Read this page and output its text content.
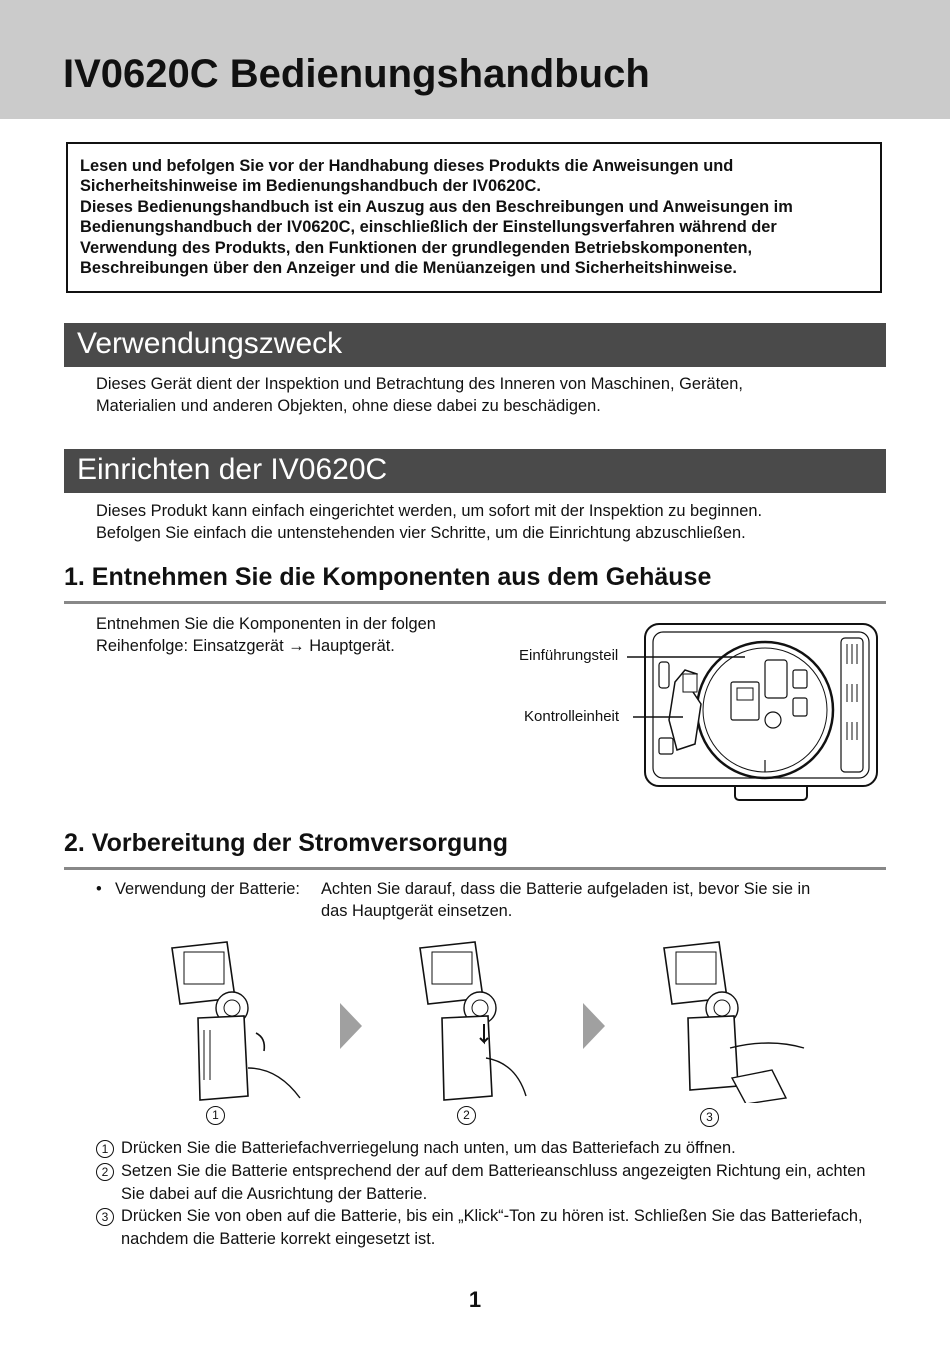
IV0620C Bedienungshandbuch
Lesen und befolgen Sie vor der Handhabung dieses Produkts die Anweisungen und
Sicherheitshinweise im Bedienungshandbuch der IV0620C.
Dieses Bedienungshandbuch ist ein Auszug aus den Beschreibungen und Anweisungen im
Bedienungshandbuch der IV0620C, einschließlich der Einstellungsverfahren während der
Verwendung des Produkts, den Funktionen der grundlegenden Betriebskomponenten,
Beschreibungen über den Anzeiger und die Menüanzeigen und Sicherheitshinweise.
Verwendungszweck
Dieses Gerät dient der Inspektion und Betrachtung des Inneren von Maschinen, Geräten,
Materialien und anderen Objekten, ohne diese dabei zu beschädigen.
Einrichten der IV0620C
Dieses Produkt kann einfach eingerichtet werden, um sofort mit der Inspektion zu beginnen.
Befolgen Sie einfach die untenstehenden vier Schritte, um die Einrichtung abzuschließen.
1. Entnehmen Sie die Komponenten aus dem Gehäuse
Entnehmen Sie die Komponenten in der folgen
Reihenfolge: Einsatzgerät → Hauptgerät.
Einführungsteil
Kontrolleinheit
2. Vorbereitung der Stromversorgung
• Verwendung der Batterie: Achten Sie darauf, dass die Batterie aufgeladen ist, bevor Sie sie in
das Hauptgerät einsetzen.
1	2	3
1 Drücken Sie die Batteriefachverriegelung nach unten, um das Batteriefach zu öffnen.
2 Setzen Sie die Batterie entsprechend der auf dem Batterieanschluss angezeigten Richtung ein, achten Sie dabei auf die Ausrichtung der Batterie.
3 Drücken Sie von oben auf die Batterie, bis ein „Klick“-Ton zu hören ist. Schließen Sie das Batteriefach, nachdem die Batterie korrekt eingesetzt ist.
1
